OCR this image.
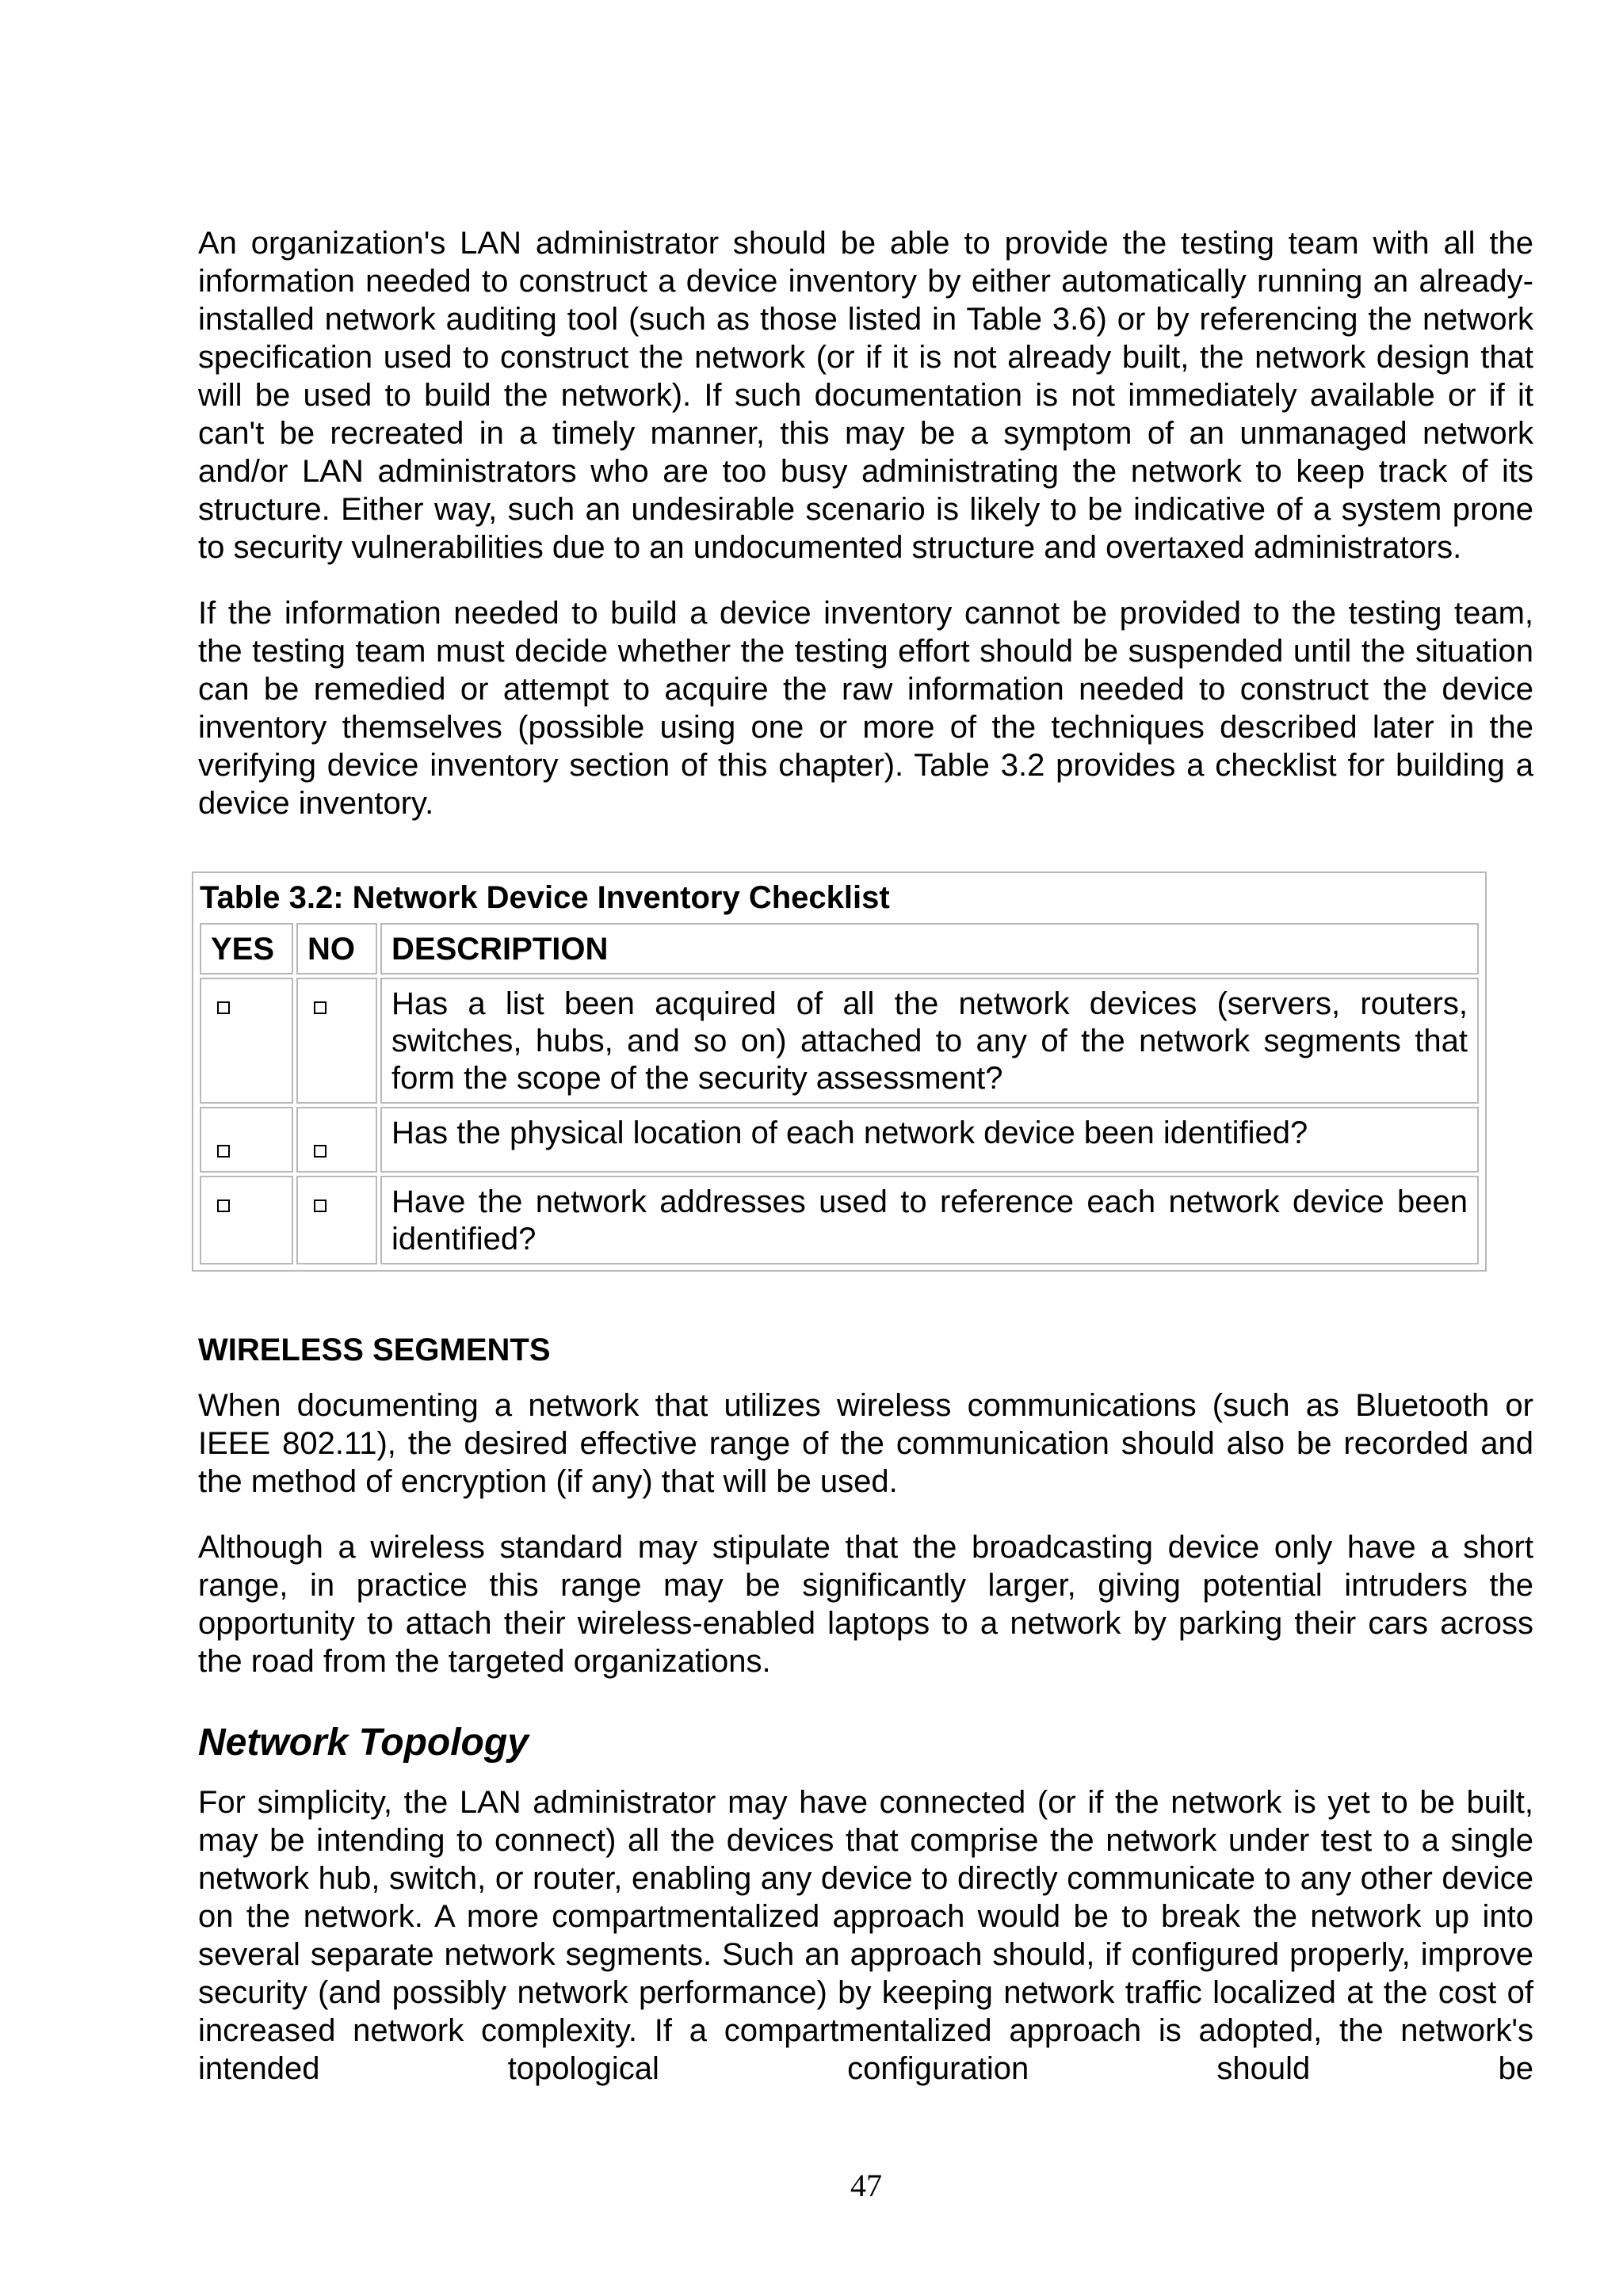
An organization's LAN administrator should be able to provide the testing team with all the information needed to construct a device inventory by either automatically running an already-installed network auditing tool (such as those listed in Table 3.6) or by referencing the network specification used to construct the network (or if it is not already built, the network design that will be used to build the network). If such documentation is not immediately available or if it can't be recreated in a timely manner, this may be a symptom of an unmanaged network and/or LAN administrators who are too busy administrating the network to keep track of its structure. Either way, such an undesirable scenario is likely to be indicative of a system prone to security vulnerabilities due to an undocumented structure and overtaxed administrators.

If the information needed to build a device inventory cannot be provided to the testing team, the testing team must decide whether the testing effort should be suspended until the situation can be remedied or attempt to acquire the raw information needed to construct the device inventory themselves (possible using one or more of the techniques described later in the verifying device inventory section of this chapter). Table 3.2 provides a checklist for building a device inventory.

Table 3.2: Network Device Inventory Checklist
YES	NO	DESCRIPTION
		Has a list been acquired of all the network devices (servers, routers, switches, hubs, and so on) attached to any of the network segments that form the scope of the security assessment?
		Has the physical location of each network device been identified?
		Have the network addresses used to reference each network device been identified?
WIRELESS SEGMENTS

When documenting a network that utilizes wireless communications (such as Bluetooth or IEEE 802.11), the desired effective range of the communication should also be recorded and the method of encryption (if any) that will be used.

Although a wireless standard may stipulate that the broadcasting device only have a short range, in practice this range may be significantly larger, giving potential intruders the opportunity to attach their wireless-enabled laptops to a network by parking their cars across the road from the targeted organizations.

Network Topology

For simplicity, the LAN administrator may have connected (or if the network is yet to be built, may be intending to connect) all the devices that comprise the network under test to a single network hub, switch, or router, enabling any device to directly communicate to any other device on the network. A more compartmentalized approach would be to break the network up into several separate network segments. Such an approach should, if configured properly, improve security (and possibly network performance) by keeping network traffic localized at the cost of increased network complexity. If a compartmentalized approach is adopted, the network's intended topological configuration should be

47
